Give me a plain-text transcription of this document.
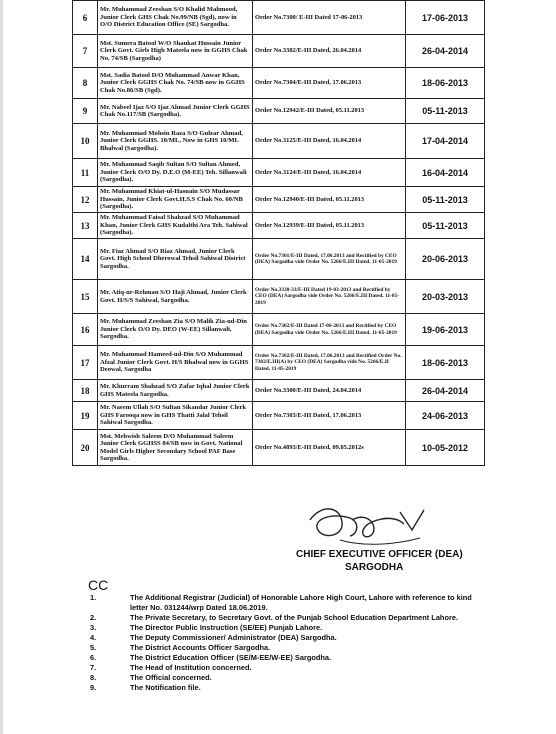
6	Mr. Muhammad Zeeshan S/O Khalid Mahmood, Junior Clerk GHS Chak No.99/NB (Sgd), now in O/O District Education Office (SE) Sargodha.	Order No.7300/ E-III Dated 17-06-2013	17-06-2013
7	Mst. Sumera Batool W/O Shaukat Hussain Junior Clerk Govt. Girls High Mateela now in GGHS Chak No. 74/SB (Sargodha)	Order No.3382/E-III Dated, 26.04.2014	26-04-2014
8	Mst. Sadia Batool D/O Muhammad Anwar Khan, Junior Clerk GGHS Chak No. 74/SB now in GGHS Chak No.86/SB (Sgd).	Order No.7304/E-III Dated, 17.06.2013	18-06-2013
9	Mr. Nabeel Ijaz S/O Ijaz Ahmad Junior Clerk GGHS Chak No.117/SB (Sargodha).	Order No.12942/E-III Dated, 05.11.2013	05-11-2013
10	Mr. Muhammad Mohsin Raza S/O Gulzar Ahmad, Junior Clerk GGHS. 10/ML, Now in GHS 10/ML Bhalwal (Sargodha).	Order No.3125/E-III Dated, 16.04.2014	17-04-2014
11	Mr. Muhammad Saqib Sultan S/O Sultan Ahmed, Junior Clerk O/O Dy. D.E.O (M-EE) Teh. Sillanwali (Sargodha).	Order No.3124/E-III Dated, 16.04.2014	16-04-2014
12	Mr. Muhammad Khiat-ul-Hasnain S/O Mudassar Hussain, Junior Clerk Govt.H.S.S Chak No. 60/NB (Sargodha).	Order No.12940/E-III Dated, 05.11.2013	05-11-2013
13	Mr. Muhammad Faisal Shahzad S/O Muhammad Khan, Junior Clerk GHS Kudalthi Ara Teh. Sahiwal (Sargodha).	Order No.12939/E-III Dated, 05.11.2013	05-11-2013
14	Mr. Fiaz Ahmad S/O Riaz Ahmad, Junior Clerk Govt. High School Dherowal Tehsil Sahiwal District Sargodha.	Order No.7301/E-III Dated, 17.06.2013 and Rectified by CEO (DEA) Sargodha vide Order No. 5266/E.III Dated. 11-05-2019	20-06-2013
15	Mr. Atiq-ur-Rehman S/O Haji Ahmad, Junior Clerk Govt. H/S/S Sahiwal, Sargodha.	Order No.3330-33/E-III Dated 19-03-2013 and Rectified by CEO (DEA) Sargodha vide Order No. 5266/E.III Dated. 11-05-2019	20-03-2013
16	Mr. Muhammad Zeeshan Zia S/O Malik Zia-ud-Din Junior Clerk O/O Dy. DEO (W-EE) Sillanwali, Sargodha.	Order No.7302/E-III Dated 17-06-2013 and Rectified by CEO (DEA) Sargodha vide Order No. 5266/E.III Dated. 11-05-2019	19-06-2013
17	Mr. Muhammad Hameed-ud-Din S/O Muhammad Afzal Junior Clerk Govt. H/S Bhalwal now in GGHS Deowal, Sargodha	Order No.7302/E-III Dated, 17.06.2013 and Rectified Order No. 7302/E.III(A) by CEO (DEA) Sargodha vide No. 5266/E.II Dated. 11-05-2019	18-06-2013
18	Mr. Khurram Shahzad S/O Zafar Iqbal Junior Clerk GHS Mateela Sargodha.	Order No.3300/E-III Dated, 24.04.2014	26-04-2014
19	Mr. Naeem Ullah S/O Sultan Sikandar Junior Clerk GHS Farooqa now in GHS Thatti Jalal Tehsil Sahiwal Sargodha.	Order No.7303/E-III Dated, 17.06.2013	24-06-2013
20	Mst. Mehwish Saleem D/O Muhammad Saleem Junior Clerk GGHSS 84/SB now in Govt. National Model Girls Higher Secondary School PAF Base Sargodha.	Order No.4893/E-III Dated, 09.05.2012s	10-05-2012
CHIEF EXECUTIVE OFFICER (DEA)
SARGODHA
CC
1.	The Additional Registrar (Judicial) of Honorable Lahore High Court, Lahore with reference to kind letter No. 031244/wrp Dated 18.06.2019.
2.	The Private Secretary, to Secretary Govt. of the Punjab School Education Department Lahore.
3.	The Director Public Instruction (SE/EE) Punjab Lahore.
4.	The Deputy Commissioner/ Administrator (DEA) Sargodha.
5.	The District Accounts Officer Sargodha.
6.	The District Education Officer (SE/M-EE/W-EE) Sargodha.
7.	The Head of Institution concerned.
8.	The Official concerned.
9.	The Notification file.
